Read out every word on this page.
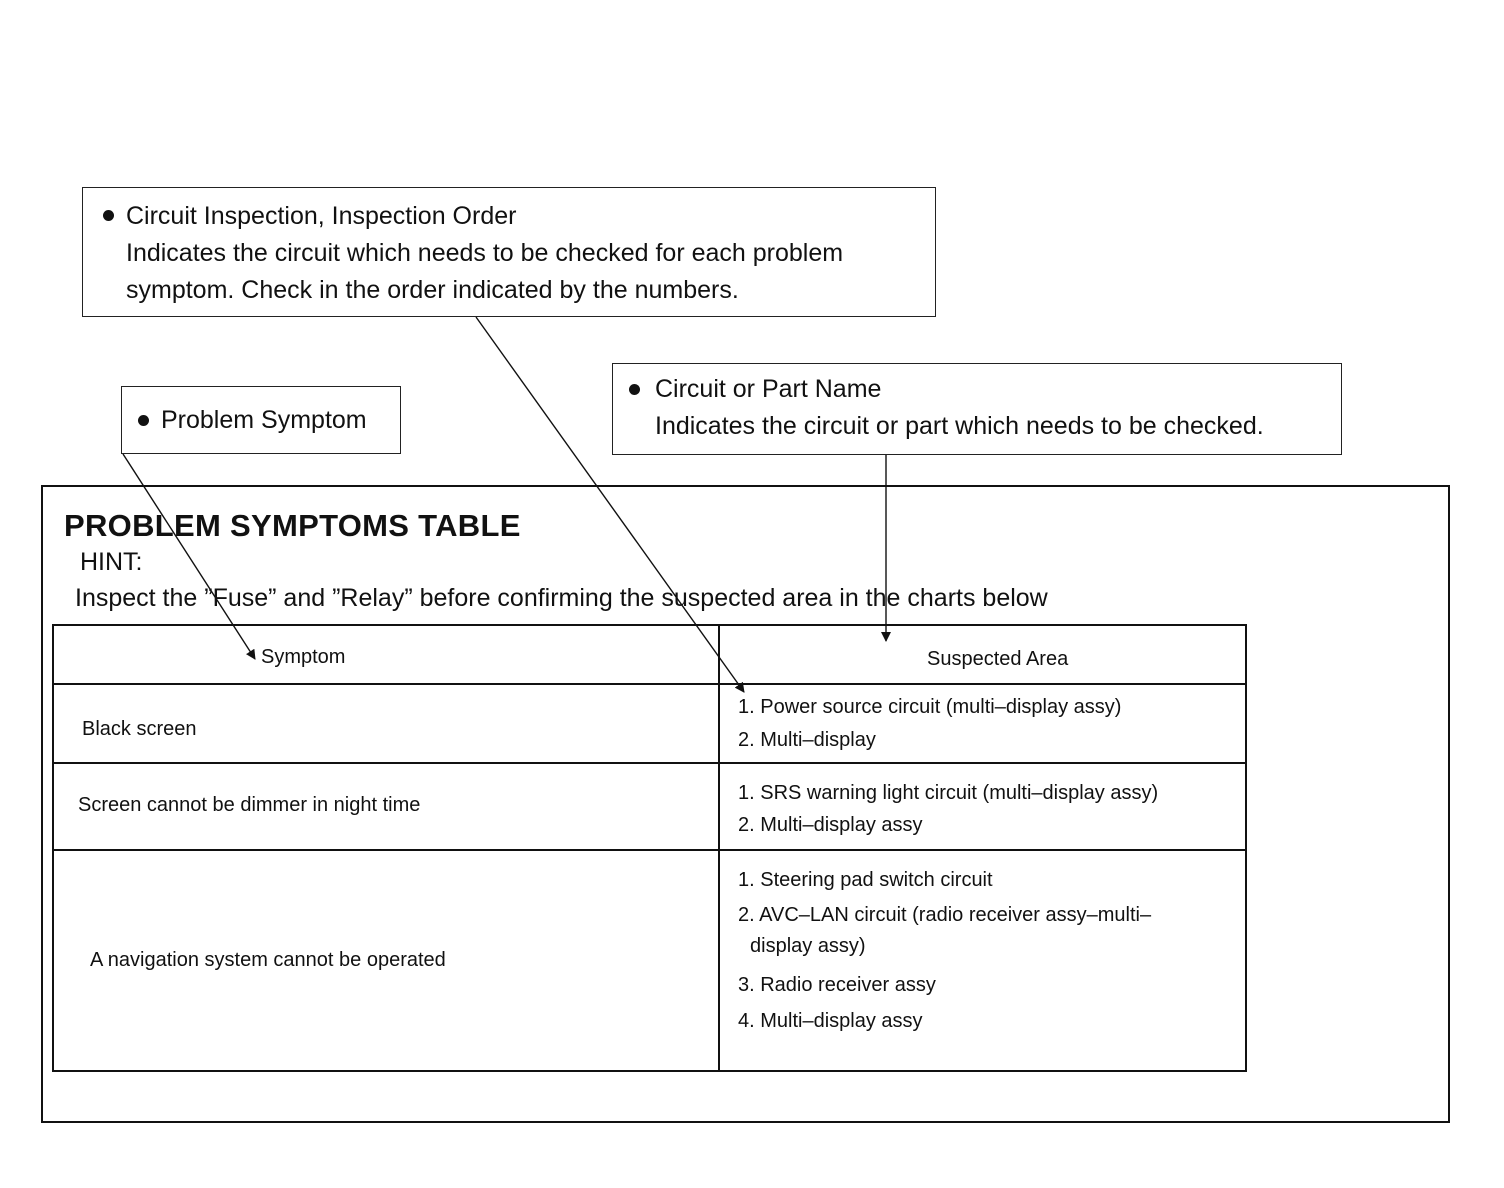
Circuit Inspection, Inspection Order
Indicates the circuit which needs to be checked for each problem
symptom. Check in the order indicated by the numbers.
Problem Symptom
Circuit or Part Name
Indicates the circuit or part which needs to be checked.
PROBLEM SYMPTOMS TABLE
HINT:
Inspect the ”Fuse” and ”Relay” before confirming the suspected area in the charts below
Symptom	Suspected Area
Black screen
1. Power source circuit (multi–display assy)
2. Multi–display
Screen cannot be dimmer in night time
1. SRS warning light circuit (multi–display assy)
2. Multi–display assy
A navigation system cannot be operated
1. Steering pad switch circuit
2. AVC–LAN circuit (radio receiver assy–multi–
display assy)
3. Radio receiver assy
4. Multi–display assy
